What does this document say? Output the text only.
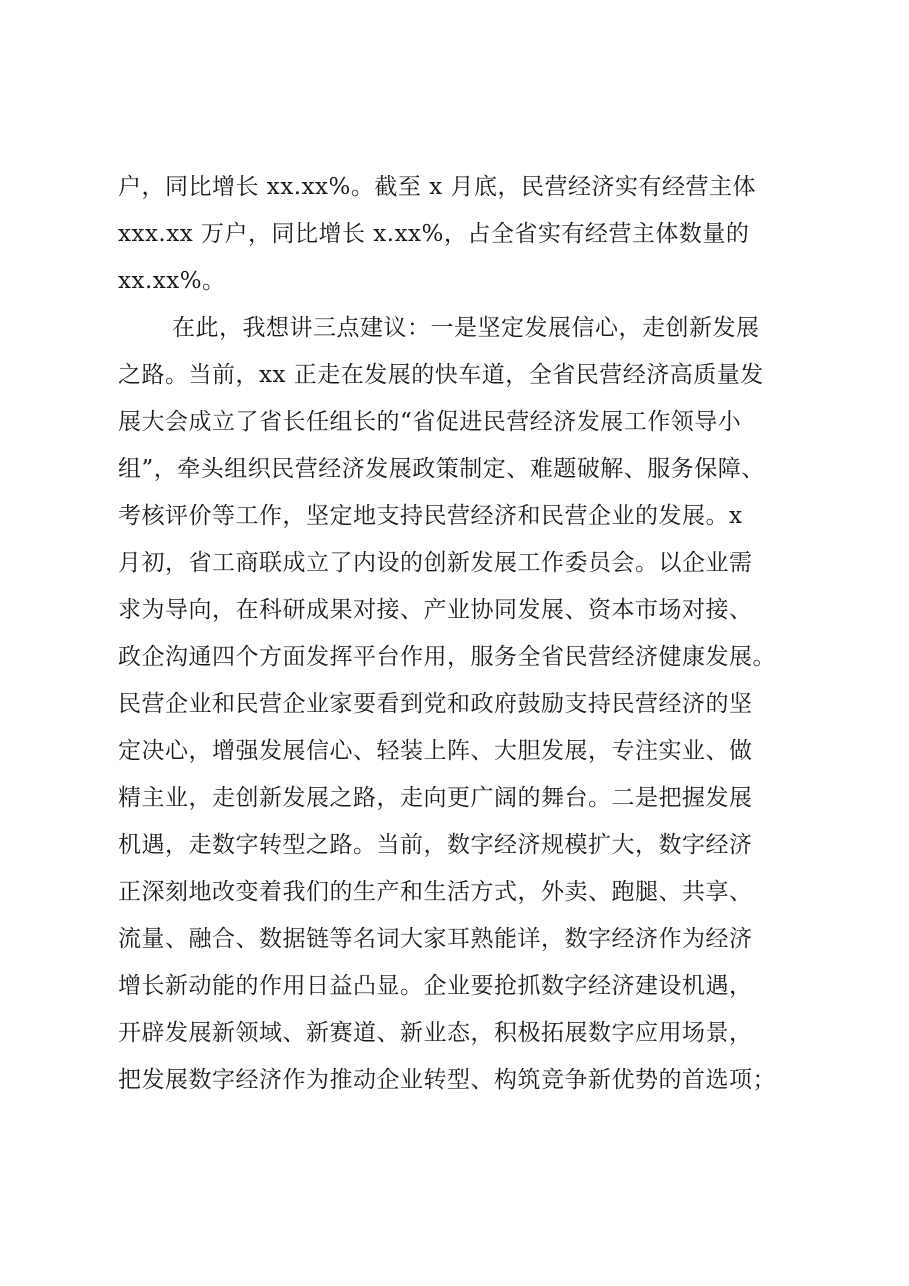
户，同比增长 xx.xx%。截至 x 月底，民营经济实有经营主体
xxx.xx 万户，同比增长 x.xx%，占全省实有经营主体数量的
xx.xx%。
在此，我想讲三点建议：一是坚定发展信心，走创新发展
之路。当前，xx 正走在发展的快车道，全省民营经济高质量发
展大会成立了省长任组长的“省促进民营经济发展工作领导小
组”，牵头组织民营经济发展政策制定、难题破解、服务保障、
考核评价等工作，坚定地支持民营经济和民营企业的发展。x
月初，省工商联成立了内设的创新发展工作委员会。以企业需
求为导向，在科研成果对接、产业协同发展、资本市场对接、
政企沟通四个方面发挥平台作用，服务全省民营经济健康发展。
民营企业和民营企业家要看到党和政府鼓励支持民营经济的坚
定决心，增强发展信心、轻装上阵、大胆发展，专注实业、做
精主业，走创新发展之路，走向更广阔的舞台。二是把握发展
机遇，走数字转型之路。当前，数字经济规模扩大，数字经济
正深刻地改变着我们的生产和生活方式，外卖、跑腿、共享、
流量、融合、数据链等名词大家耳熟能详，数字经济作为经济
增长新动能的作用日益凸显。企业要抢抓数字经济建设机遇，
开辟发展新领域、新赛道、新业态，积极拓展数字应用场景，
把发展数字经济作为推动企业转型、构筑竞争新优势的首选项；
